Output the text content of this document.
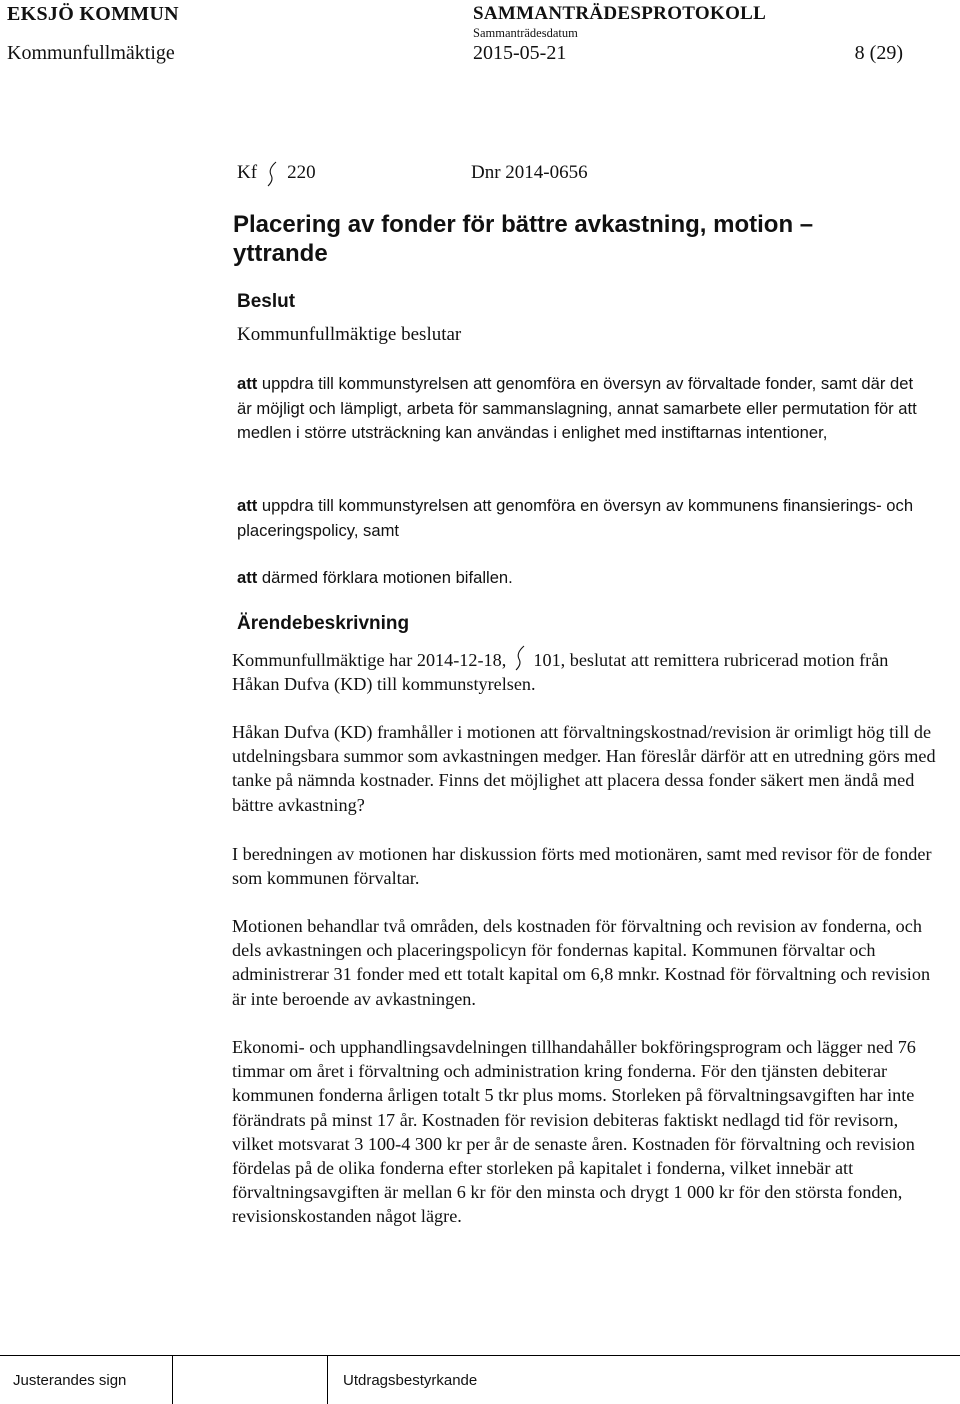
EKSJÖ KOMMUN	SAMMANTRÄDESPROTOKOLL
Sammanträdesdatum
Kommunfullmäktige	2015-05-21	8 (29)
Kf 220	Dnr 2014-0656
Placering av fonder för bättre avkastning, motion – yttrande
Beslut
Kommunfullmäktige beslutar

att uppdra till kommunstyrelsen att genomföra en översyn av förvaltade fonder, samt där det är möjligt och lämpligt, arbeta för sammanslagning, annat samarbete eller permutation för att medlen i större utsträckning kan användas i enlighet med instiftarnas intentioner,

att uppdra till kommunstyrelsen att genomföra en översyn av kommunens finansierings- och placeringspolicy, samt

att därmed förklara motionen bifallen.

Ärendebeskrivning

Kommunfullmäktige har 2014-12-18,
101, beslutat att remittera rubricerad motion från Håkan Dufva (KD) till kommunstyrelsen.

Håkan Dufva (KD) framhåller i motionen att förvaltningskostnad/revision är orimligt hög till de utdelningsbara summor som avkastningen medger. Han föreslår därför att en utredning görs med tanke på nämnda kostnader. Finns det möjlighet att placera dessa fonder säkert men ändå med bättre avkastning?

I beredningen av motionen har diskussion förts med motionären, samt med revisor för de fonder som kommunen förvaltar.

Motionen behandlar två områden, dels kostnaden för förvaltning och revision av fonderna, och dels avkastningen och placeringspolicyn för fondernas kapital. Kommunen förvaltar och administrerar 31 fonder med ett totalt kapital om 6,8 mnkr. Kostnad för förvaltning och revision är inte beroende av avkastningen.

Ekonomi- och upphandlingsavdelningen tillhandahåller bokföringsprogram och lägger ned 76 timmar om året i förvaltning och administration kring fonderna. För den tjänsten debiterar kommunen fonderna årligen totalt 5 tkr plus moms. Storleken på förvaltningsavgiften har inte förändrats på minst 17 år. Kostnaden för revision debiteras faktiskt nedlagd tid för revisorn, vilket motsvarat 3 100-4 300 kr per år de senaste åren. Kostnaden för förvaltning och revision fördelas på de olika fonderna efter storleken på kapitalet i fonderna, vilket innebär att förvaltningsavgiften är mellan 6 kr för den minsta och drygt 1 000 kr för den största fonden, revisionskostanden något lägre.

Justerandes sign	Utdragsbestyrkande
